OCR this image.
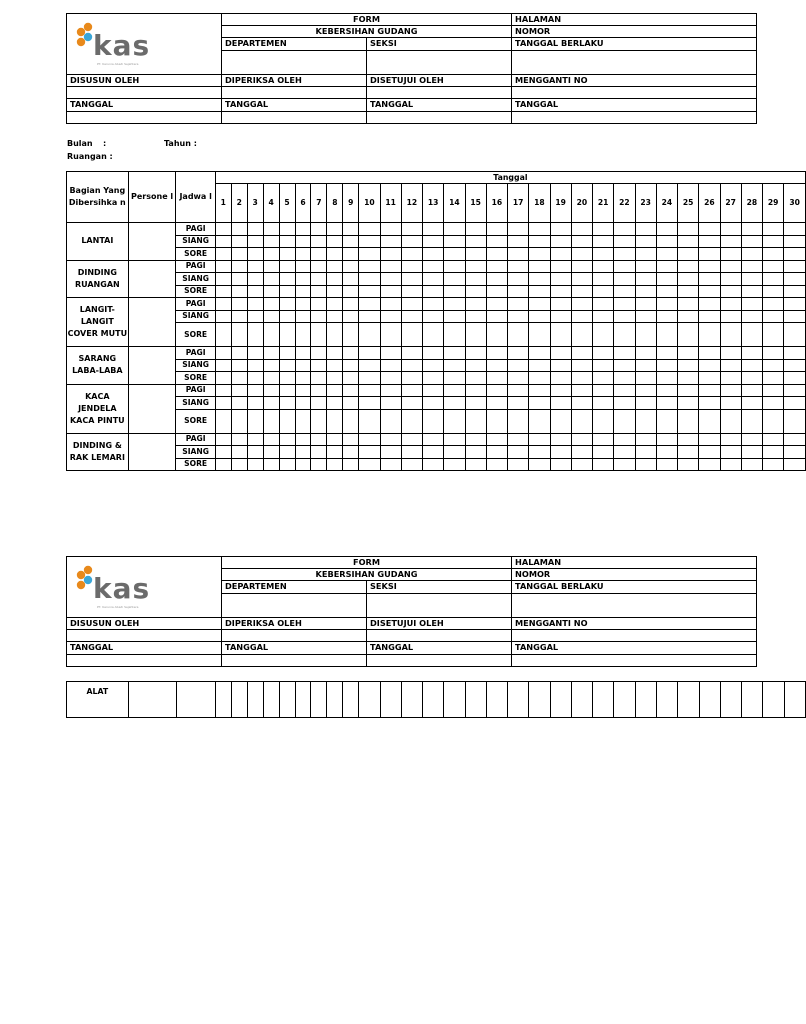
kas
PT. Karunia Abadi Sejahtera	FORM		HALAMAN
	KEBERSIHAN GUDANG		NOMOR
	DEPARTEMEN	SEKSI	TANGGAL BERLAKU

DISUSUN OLEH	DIPERIKSA OLEH	DISETUJUI OLEH	MENGGANTI NO

TANGGAL	TANGGAL	TANGGAL	TANGGAL

Bulan :	Tahun :
Ruangan :
Bagian Yang Dibersihka n	Persone l	Jadwa l	Tanggal																													
			1	2	3	4	5	6	7	8	9	10	11	12	13	14	15	16	17	18	19	20	21	22	23	24	25	26	27	28	29	30
LANTAI		PAGI																														
		SIANG																														
		SORE																														
DINDING RUANGAN		PAGI																														
		SIANG																														
		SORE																														
LANGIT-LANGIT COVER MUTU		PAGI																														
		SIANG																														
		SORE																														
SARANG LABA-LABA		PAGI																														
		SIANG																														
		SORE																														
KACA JENDELA KACA PINTU		PAGI																														
		SIANG																														
		SORE																														
DINDING & RAK LEMARI		PAGI																														
		SIANG																														
		SORE																														
kas
PT. Karunia Abadi Sejahtera	FORM		HALAMAN
	KEBERSIHAN GUDANG		NOMOR
	DEPARTEMEN	SEKSI	TANGGAL BERLAKU

DISUSUN OLEH	DIPERIKSA OLEH	DISETUJUI OLEH	MENGGANTI NO

TANGGAL	TANGGAL	TANGGAL	TANGGAL

ALAT																																
